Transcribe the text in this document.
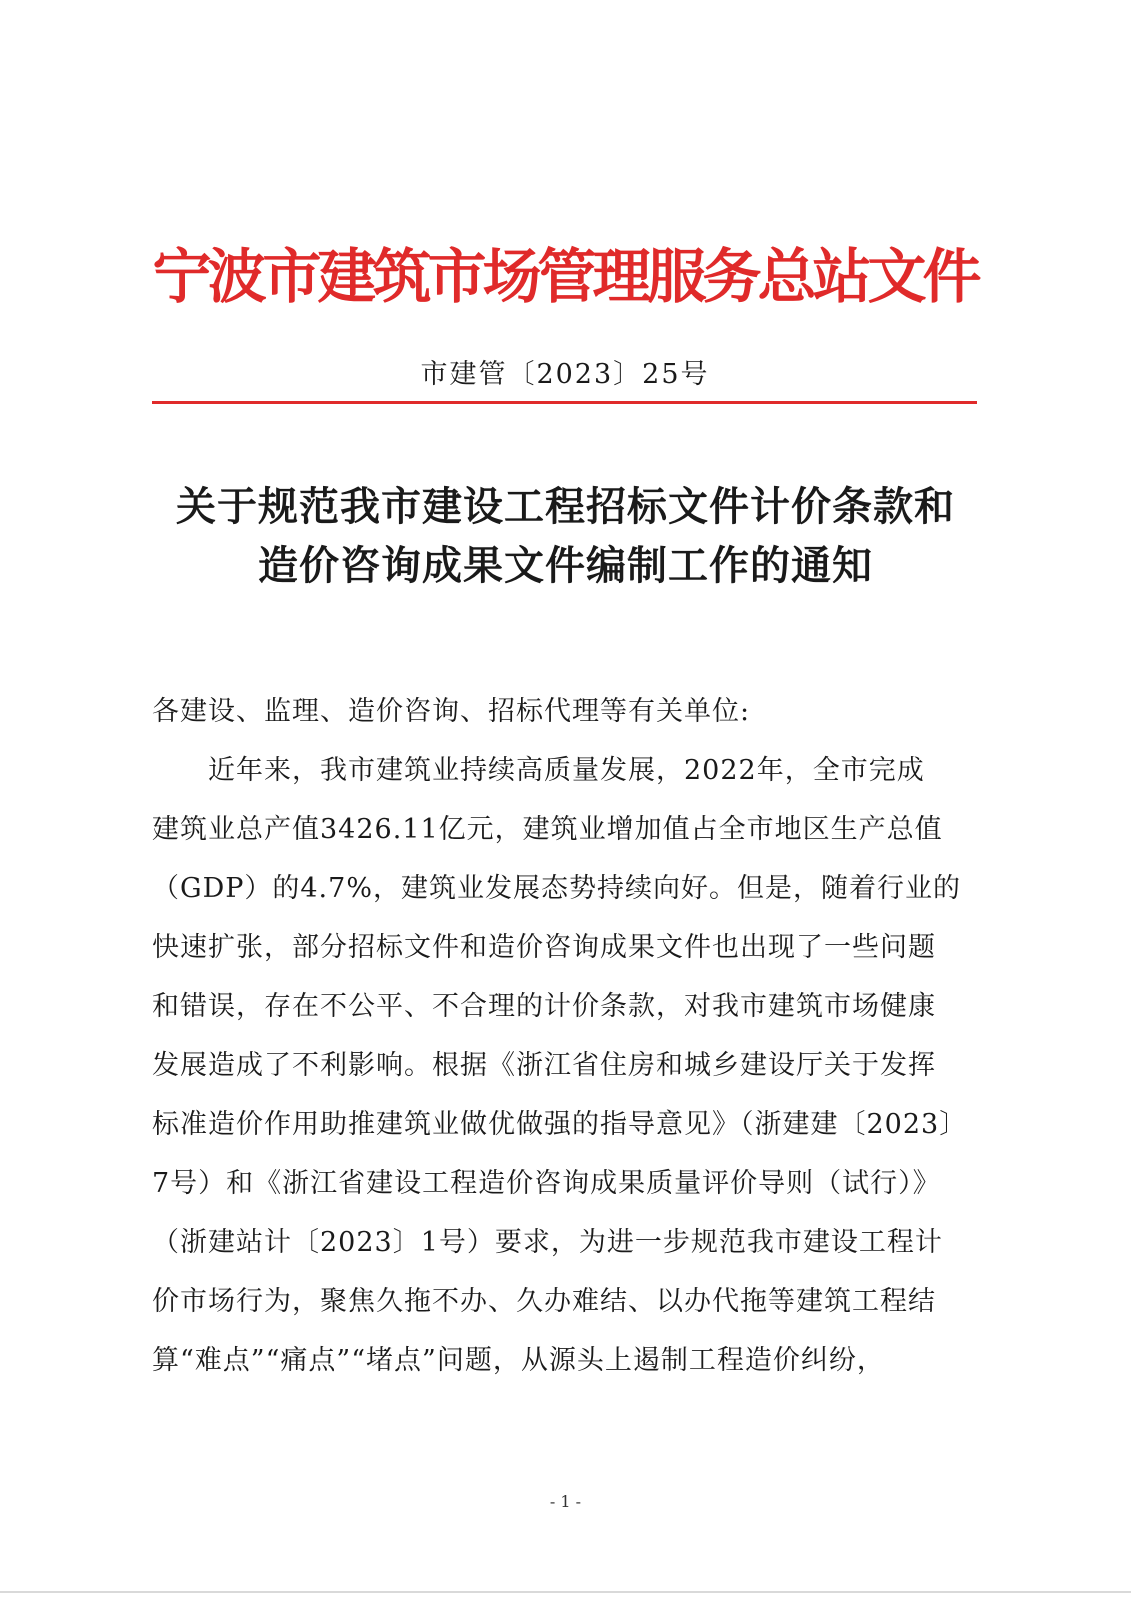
宁波市建筑市场管理服务总站文件
市建管〔2023〕25号
关于规范我市建设工程招标文件计价条款和
造价咨询成果文件编制工作的通知
各建设、监理、造价咨询、招标代理等有关单位:
　　近年来，我市建筑业持续高质量发展，2022年，全市完成
建筑业总产值3426.11亿元，建筑业增加值占全市地区生产总值
（GDP）的4.7%，建筑业发展态势持续向好。但是，随着行业的
快速扩张，部分招标文件和造价咨询成果文件也出现了一些问题
和错误，存在不公平、不合理的计价条款，对我市建筑市场健康
发展造成了不利影响。根据《浙江省住房和城乡建设厅关于发挥
标准造价作用助推建筑业做优做强的指导意见》（浙建建〔2023〕
7号）和《浙江省建设工程造价咨询成果质量评价导则（试行）》
（浙建站计〔2023〕1号）要求，为进一步规范我市建设工程计
价市场行为，聚焦久拖不办、久办难结、以办代拖等建筑工程结
算“难点”“痛点”“堵点”问题，从源头上遏制工程造价纠纷，
- 1 -
